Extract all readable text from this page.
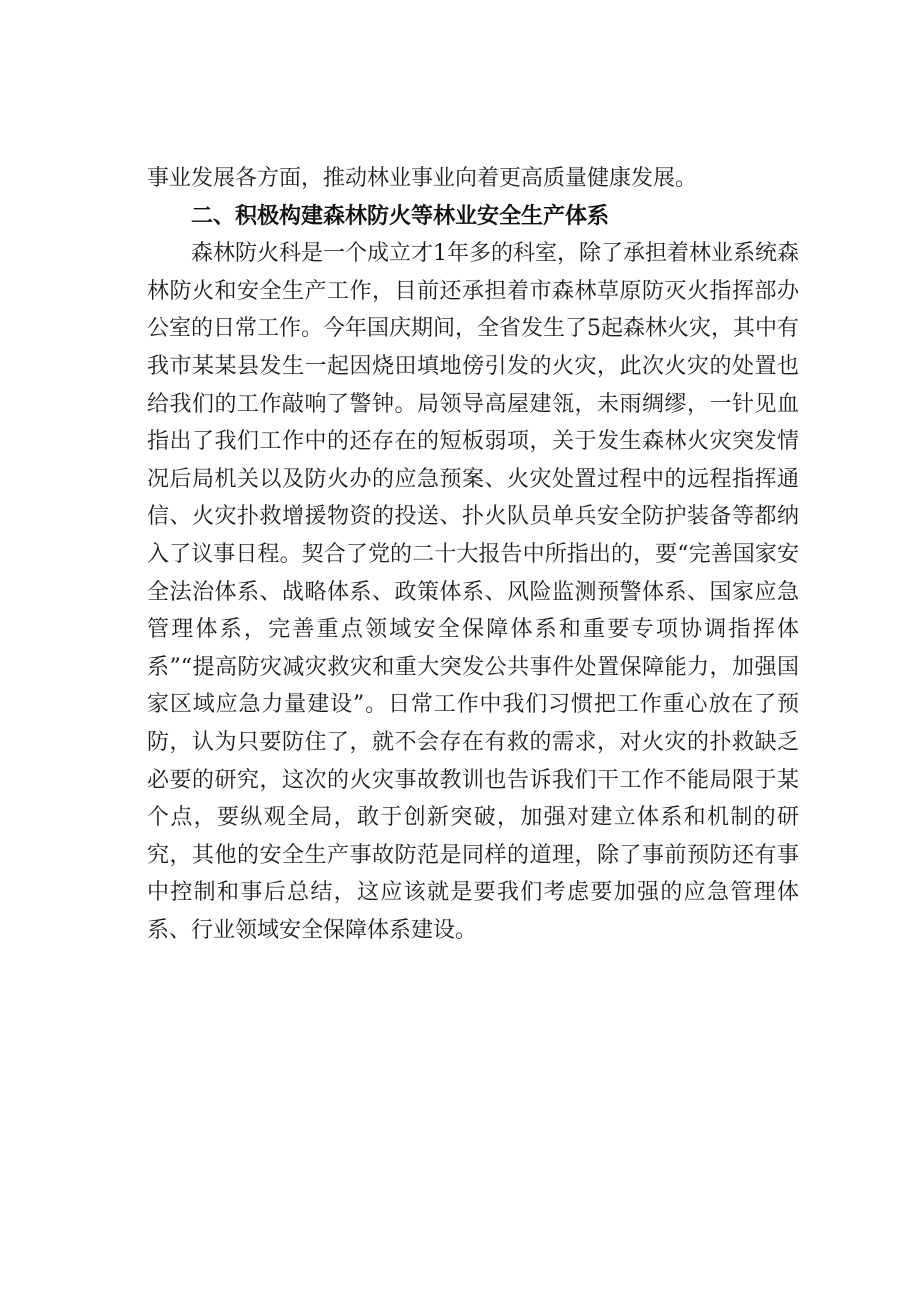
事业发展各方面，推动林业事业向着更高质量健康发展。

二、积极构建森林防火等林业安全生产体系

森林防火科是一个成立才1年多的科室，除了承担着林业系统森林防火和安全生产工作，目前还承担着市森林草原防灭火指挥部办公室的日常工作。今年国庆期间，全省发生了5起森林火灾，其中有我市某某县发生一起因烧田填地傍引发的火灾，此次火灾的处置也给我们的工作敲响了警钟。局领导高屋建瓴，未雨绸缪，一针见血指出了我们工作中的还存在的短板弱项，关于发生森林火灾突发情况后局机关以及防火办的应急预案、火灾处置过程中的远程指挥通信、火灾扑救增援物资的投送、扑火队员单兵安全防护装备等都纳入了议事日程。契合了党的二十大报告中所指出的，要“完善国家安全法治体系、战略体系、政策体系、风险监测预警体系、国家应急管理体系，完善重点领域安全保障体系和重要专项协调指挥体系”“提高防灾减灾救灾和重大突发公共事件处置保障能力，加强国家区域应急力量建设”。日常工作中我们习惯把工作重心放在了预防，认为只要防住了，就不会存在有救的需求，对火灾的扑救缺乏必要的研究，这次的火灾事故教训也告诉我们干工作不能局限于某个点，要纵观全局，敢于创新突破，加强对建立体系和机制的研究，其他的安全生产事故防范是同样的道理，除了事前预防还有事中控制和事后总结，这应该就是要我们考虑要加强的应急管理体系、行业领域安全保障体系建设。
